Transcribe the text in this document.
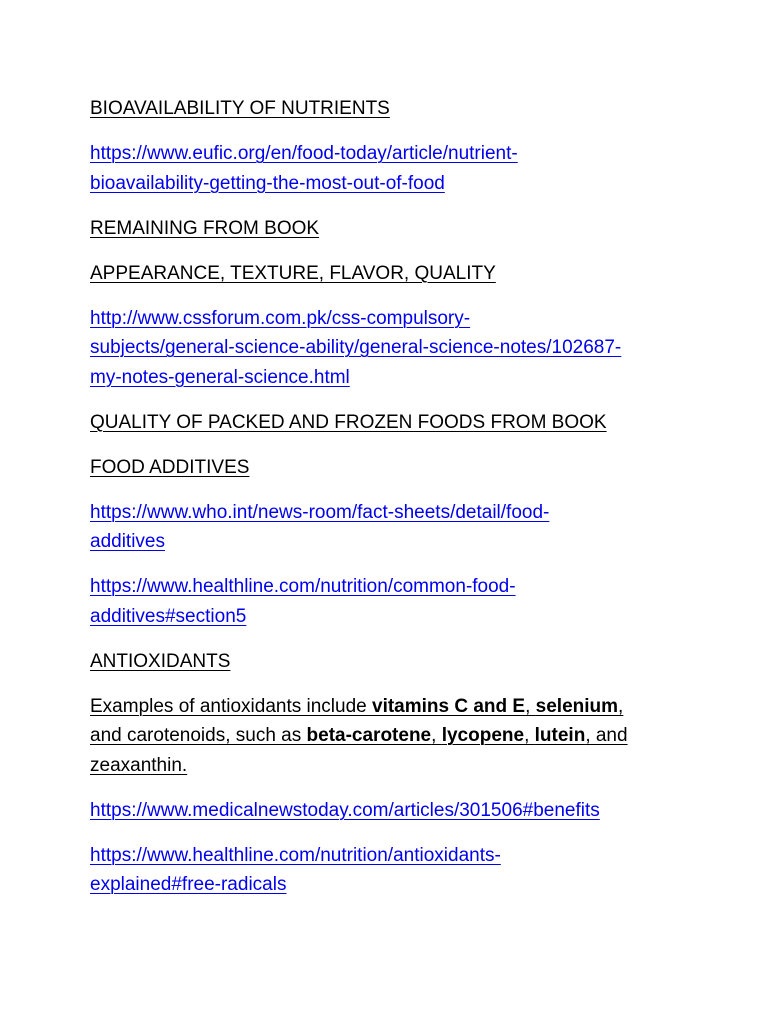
BIOAVAILABILITY OF NUTRIENTS
https://www.eufic.org/en/food-today/article/nutrient-
bioavailability-getting-the-most-out-of-food
REMAINING FROM BOOK
APPEARANCE, TEXTURE, FLAVOR, QUALITY
http://www.cssforum.com.pk/css-compulsory-
subjects/general-science-ability/general-science-notes/102687-
my-notes-general-science.html
QUALITY OF PACKED AND FROZEN FOODS FROM BOOK
FOOD ADDITIVES
https://www.who.int/news-room/fact-sheets/detail/food-
additives
https://www.healthline.com/nutrition/common-food-
additives#section5
ANTIOXIDANTS
Examples of antioxidants include vitamins C and E, selenium,
and carotenoids, such as beta-carotene, lycopene, lutein, and
zeaxanthin.
https://www.medicalnewstoday.com/articles/301506#benefits
https://www.healthline.com/nutrition/antioxidants-
explained#free-radicals
